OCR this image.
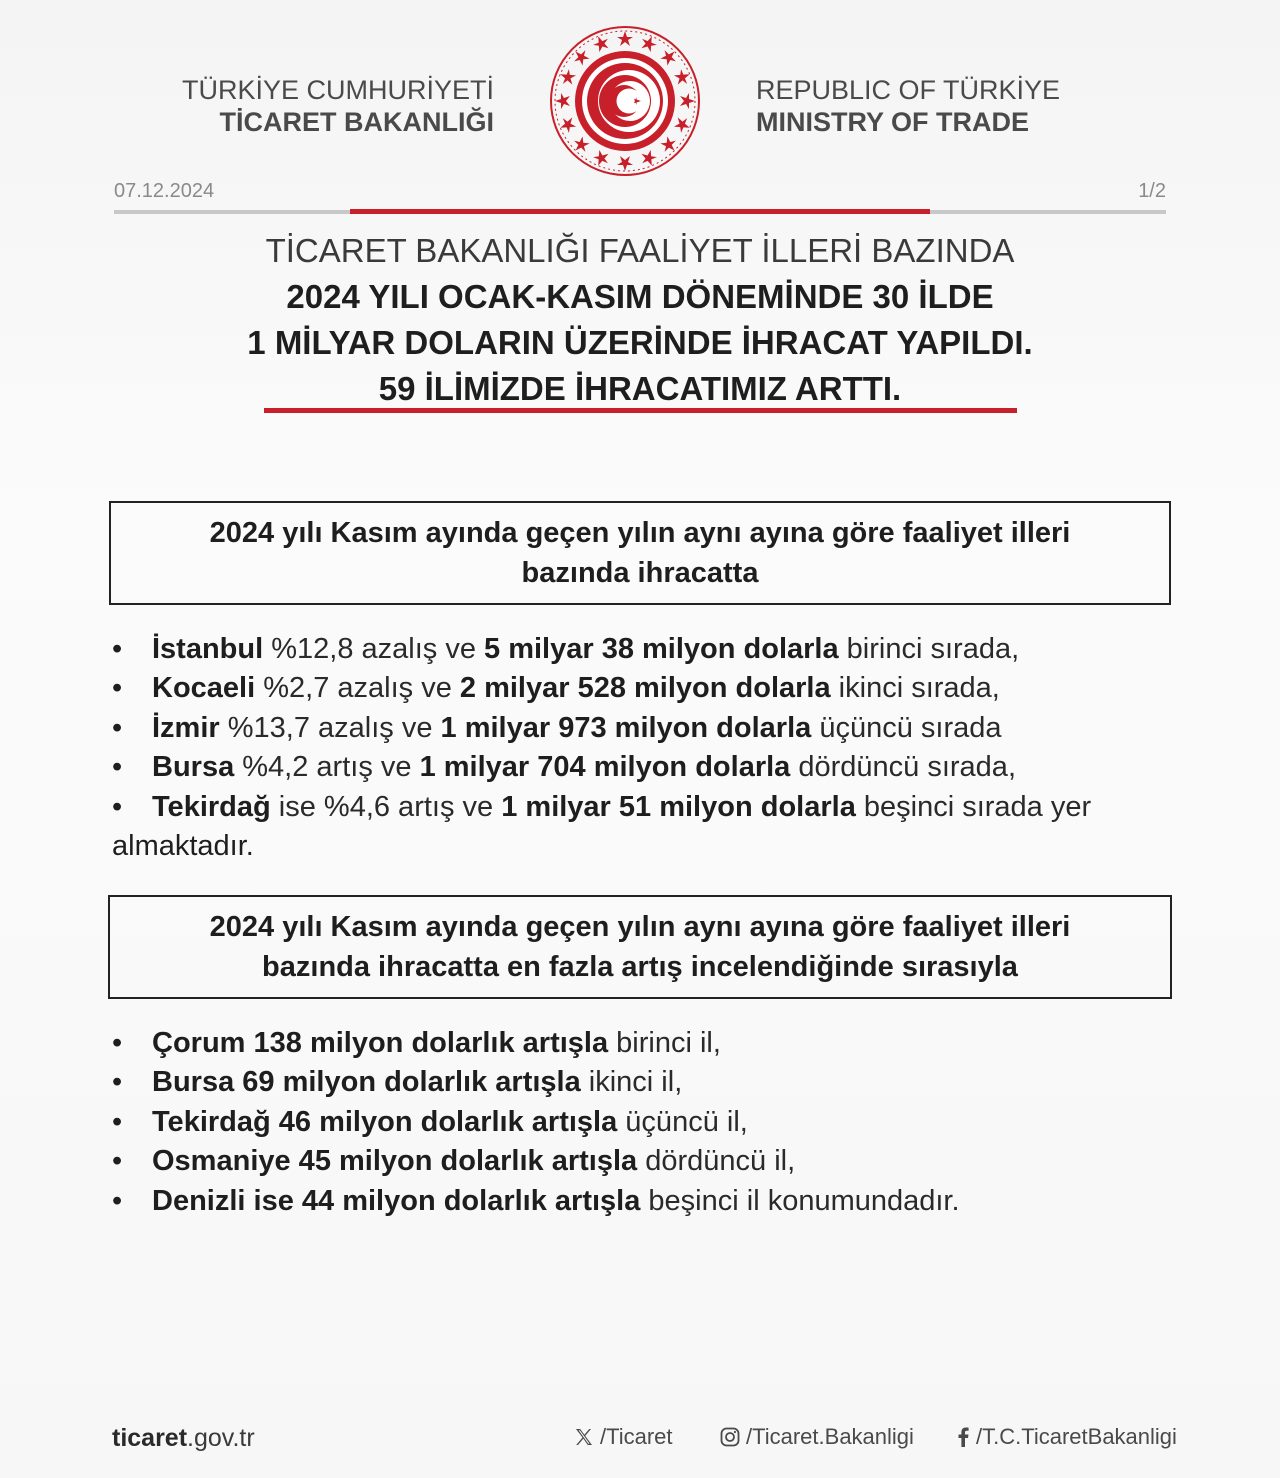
TÜRKİYE CUMHURİYETİ
TİCARET BAKANLIĞI
REPUBLIC OF TÜRKİYE
MINISTRY OF TRADE
07.12.2024	1/2
TİCARET BAKANLIĞI FAALİYET İLLERİ BAZINDA
2024 YILI OCAK-KASIM DÖNEMİNDE 30 İLDE
1 MİLYAR DOLARIN ÜZERİNDE İHRACAT YAPILDI.
59 İLİMİZDE İHRACATIMIZ ARTTI.
2024 yılı Kasım ayında geçen yılın aynı ayına göre faaliyet illeri
bazında ihracatta
• İstanbul %12,8 azalış ve 5 milyar 38 milyon dolarla birinci sırada,
• Kocaeli %2,7 azalış ve 2 milyar 528 milyon dolarla ikinci sırada,
• İzmir %13,7 azalış ve 1 milyar 973 milyon dolarla üçüncü sırada
• Bursa %4,2 artış ve 1 milyar 704 milyon dolarla dördüncü sırada,
• Tekirdağ ise %4,6 artış ve 1 milyar 51 milyon dolarla beşinci sırada yer
almaktadır.
2024 yılı Kasım ayında geçen yılın aynı ayına göre faaliyet illeri
bazında ihracatta en fazla artış incelendiğinde sırasıyla
• Çorum 138 milyon dolarlık artışla birinci il,
• Bursa 69 milyon dolarlık artışla ikinci il,
• Tekirdağ 46 milyon dolarlık artışla üçüncü il,
• Osmaniye 45 milyon dolarlık artışla dördüncü il,
• Denizli ise 44 milyon dolarlık artışla beşinci il konumundadır.
ticaret.gov.tr	/Ticaret	/Ticaret.Bakanligi	/T.C.TicaretBakanligi
